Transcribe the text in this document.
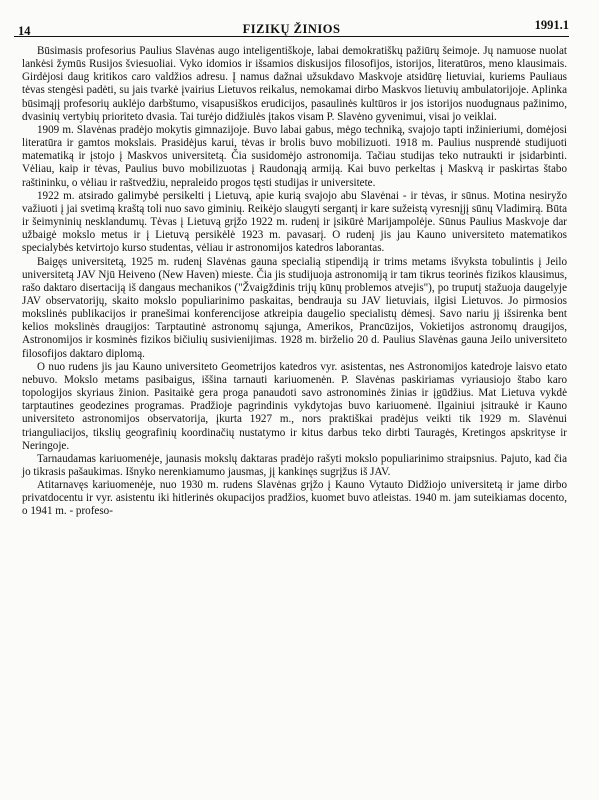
14	FIZIKŲ ŽINIOS	1991.1

Būsimasis profesorius Paulius Slavėnas augo inteligentiškoje, labai demokratiškų pažiūrų šeimoje. Jų namuose nuolat lankėsi žymūs Rusijos šviesuoliai. Vyko idomios ir išsamios diskusijos filosofijos, istorijos, literatūros, meno klausimais. Girdėjosi daug kritikos caro valdžios adresu. Į namus dažnai užsukdavo Maskvoje atsidūrę lietuviai, kuriems Pauliaus tėvas stengėsi padėti, su jais tvarkė įvairius Lietuvos reikalus, nemokamai dirbo Maskvos lietuvių ambulatorijoje. Aplinka būsimąjį profesorių auklėjo darbštumo, visapusiškos erudicijos, pasaulinės kultūros ir jos istorijos nuodugnaus pažinimo, dvasinių vertybių prioriteto dvasia. Tai turėjo didžiulės įtakos visam P. Slavėno gyvenimui, visai jo veiklai.

1909 m. Slavėnas pradėjo mokytis gimnazijoje. Buvo labai gabus, mėgo techniką, svajojo tapti inžinieriumi, domėjosi literatūra ir gamtos mokslais. Prasidėjus karui, tėvas ir brolis buvo mobilizuoti. 1918 m. Paulius nusprendė studijuoti matematiką ir įstojo į Maskvos universitetą. Čia susidomėjo astronomija. Tačiau studijas teko nutraukti ir įsidarbinti. Vėliau, kaip ir tėvas, Paulius buvo mobilizuotas į Raudonąją armiją. Kai buvo perkeltas į Maskvą ir paskirtas štabo raštininku, o vėliau ir raštvedžiu, nepraleido progos tęsti studijas ir universitete.

1922 m. atsirado galimybė persikelti į Lietuvą, apie kurią svajojo abu Slavėnai - ir tėvas, ir sūnus. Motina nesiryžo važiuoti į jai svetimą kraštą toli nuo savo giminių. Reikėjo slaugyti sergantį ir kare sužeistą vyresnįjį sūnų Vladimirą. Būta ir šeimyninių nesklandumų. Tėvas į Lietuvą grįžo 1922 m. rudenį ir įsikūrė Marijampolėje. Sūnus Paulius Maskvoje dar užbaigė mokslo metus ir į Lietuvą persikėlė 1923 m. pavasarį. O rudenį jis jau Kauno universiteto matematikos specialybės ketvirtojo kurso studentas, vėliau ir astronomijos katedros laborantas.

Baigęs universitetą, 1925 m. rudenį Slavėnas gauna specialią stipendiją ir trims metams išvyksta tobulintis į Jeilo universitetą JAV Njū Heiveno (New Haven) mieste. Čia jis studijuoja astronomiją ir tam tikrus teorinės fizikos klausimus, rašo daktaro disertaciją iš dangaus mechanikos ("Žvaigždinis trijų kūnų problemos atvejis"), po truputį stažuoja daugelyje JAV observatorijų, skaito mokslo populiarinimo paskaitas, bendrauja su JAV lietuviais, ilgisi Lietuvos. Jo pirmosios mokslinės publikacijos ir pranešimai konferencijose atkreipia daugelio specialistų dėmesį. Savo nariu jį išsirenka bent kelios mokslinės draugijos: Tarptautinė astronomų sąjunga, Amerikos, Prancūzijos, Vokietijos astronomų draugijos, Astronomijos ir kosminės fizikos bičiulių susivienijimas. 1928 m. birželio 20 d. Paulius Slavėnas gauna Jeilo universiteto filosofijos daktaro diplomą.

O nuo rudens jis jau Kauno universiteto Geometrijos katedros vyr. asistentas, nes Astronomijos katedroje laisvo etato nebuvo. Mokslo metams pasibaigus, iššina tarnauti kariuomenėn. P. Slavėnas paskiriamas vyriausiojo štabo karo topologijos skyriaus žinion. Pasitaikė gera proga panaudoti savo astronominės žinias ir įgūdžius. Mat Lietuva vykdė tarptautines geodezines programas. Pradžioje pagrindinis vykdytojas buvo kariuomenė. Ilgainiui įsitraukė ir Kauno universiteto astronomijos observatorija, įkurta 1927 m., nors praktiškai pradėjus veikti tik 1929 m. Slavėnui trianguliacijos, tikslių geografinių koordinačių nustatymo ir kitus darbus teko dirbti Tauragės, Kretingos apskrityse ir Neringoje.

Tarnaudamas kariuomenėje, jaunasis mokslų daktaras pradėjo rašyti mokslo populiarinimo straipsnius. Pajuto, kad čia jo tikrasis pašaukimas. Išnyko nerenkiamumo jausmas, jį kankinęs sugrįžus iš JAV.

Atitarnavęs kariuomenėje, nuo 1930 m. rudens Slavėnas grįžo į Kauno Vytauto Didžiojo universitetą ir jame dirbo privatdocentu ir vyr. asistentu iki hitlerinės okupacijos pradžios, kuomet buvo atleistas. 1940 m. jam suteikiamas docento, o 1941 m. - profeso-
